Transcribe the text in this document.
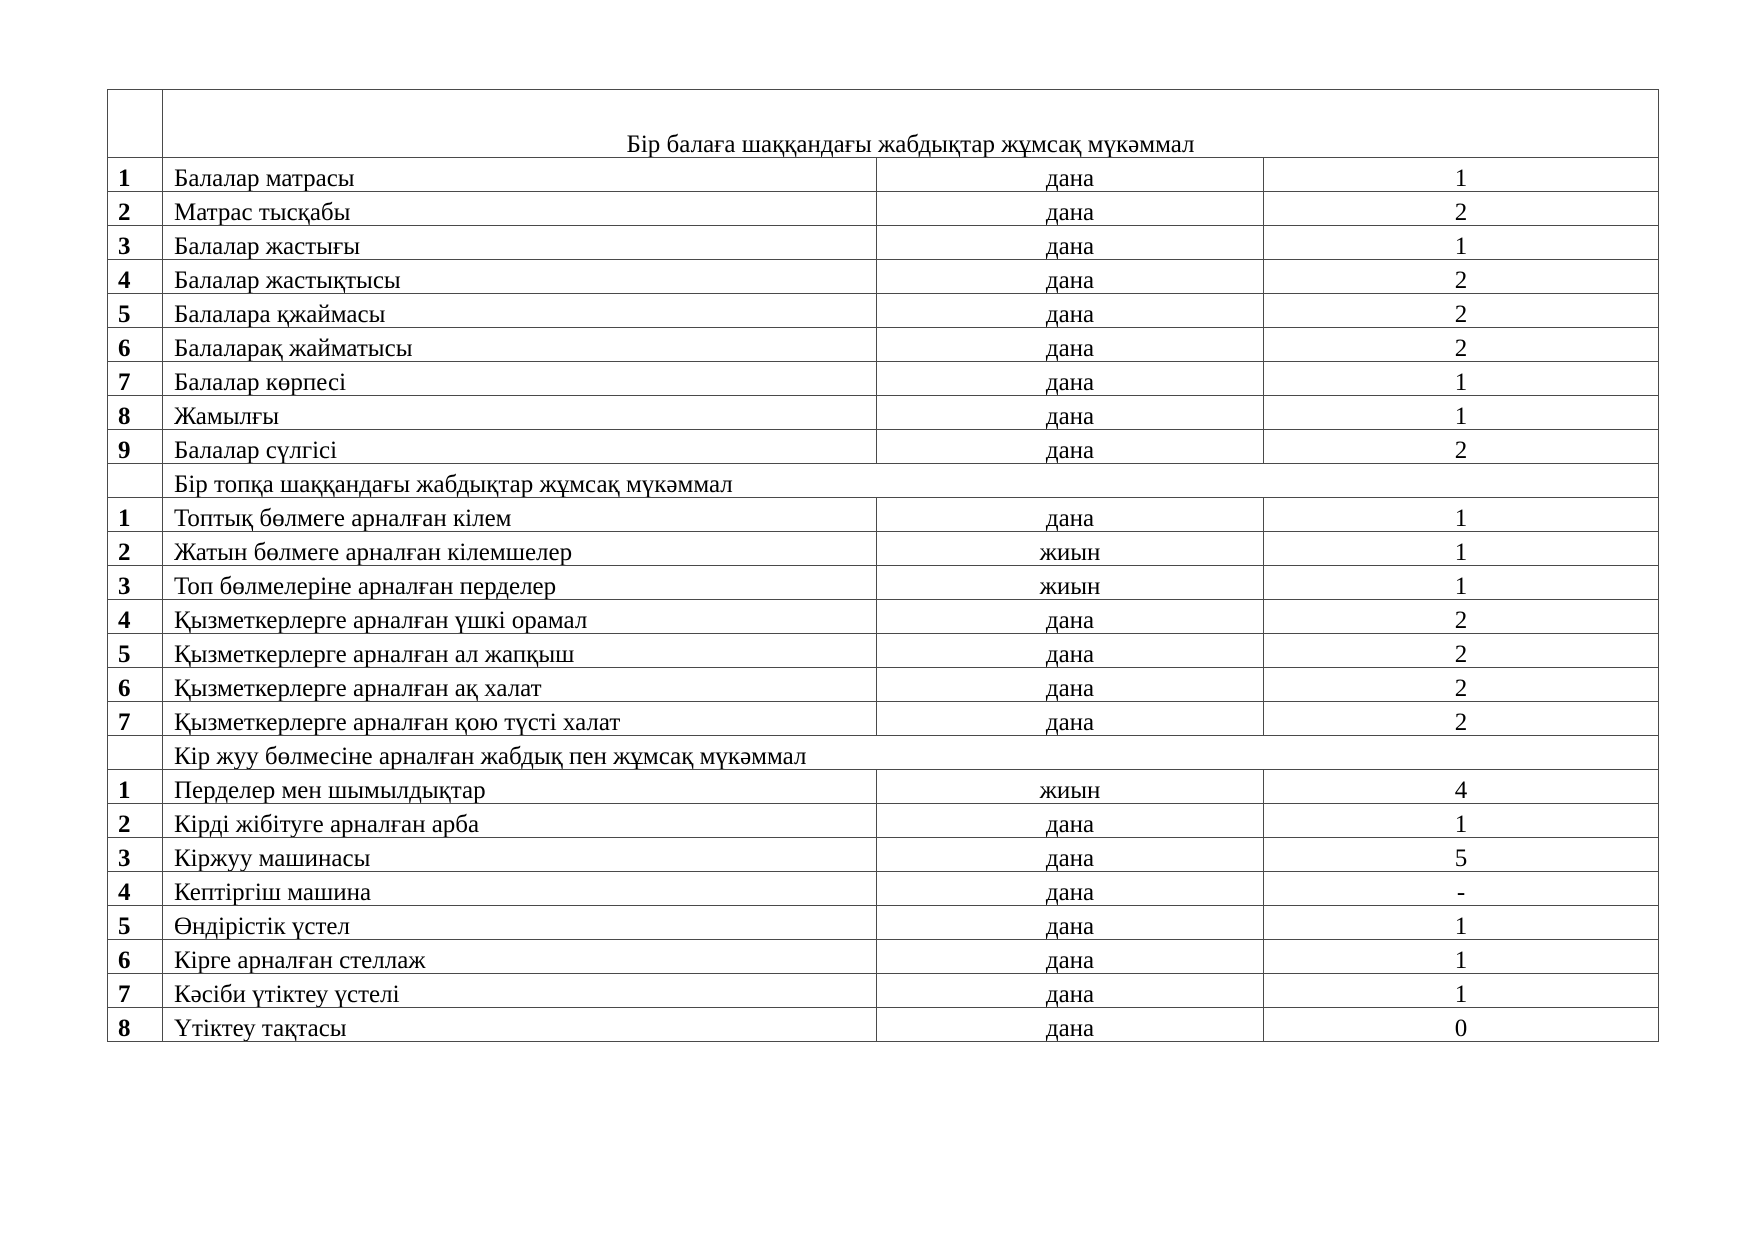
	Бір балаға шаққандағы жабдықтар жұмсақ мүкәммал		
1	Балалар матрасы	дана	1
2	Матрас тысқабы	дана	2
3	Балалар жастығы	дана	1
4	Балалар жастықтысы	дана	2
5	Балалара қжаймасы	дана	2
6	Балаларақ жайматысы	дана	2
7	Балалар көрпесі	дана	1
8	Жамылғы	дана	1
9	Балалар сүлгісі	дана	2
	Бір топқа шаққандағы жабдықтар жұмсақ мүкәммал		
1	Топтық бөлмеге арналған кілем	дана	1
2	Жатын бөлмеге арналған кілемшелер	жиын	1
3	Топ бөлмелеріне арналған перделер	жиын	1
4	Қызметкерлерге арналған үшкі орамал	дана	2
5	Қызметкерлерге арналған ал жапқыш	дана	2
6	Қызметкерлерге арналған ақ халат	дана	2
7	Қызметкерлерге арналған қою түсті халат	дана	2
	Кір жуу бөлмесіне арналған жабдық пен жұмсақ мүкәммал		
1	Перделер мен шымылдықтар	жиын	4
2	Кірді жібітуге арналған арба	дана	1
3	Кіржуу машинасы	дана	5
4	Кептіргіш машина	дана	-
5	Өндірістік үстел	дана	1
6	Кірге арналған стеллаж	дана	1
7	Кәсіби үтіктеу үстелі	дана	1
8	Үтіктеу тақтасы	дана	0
